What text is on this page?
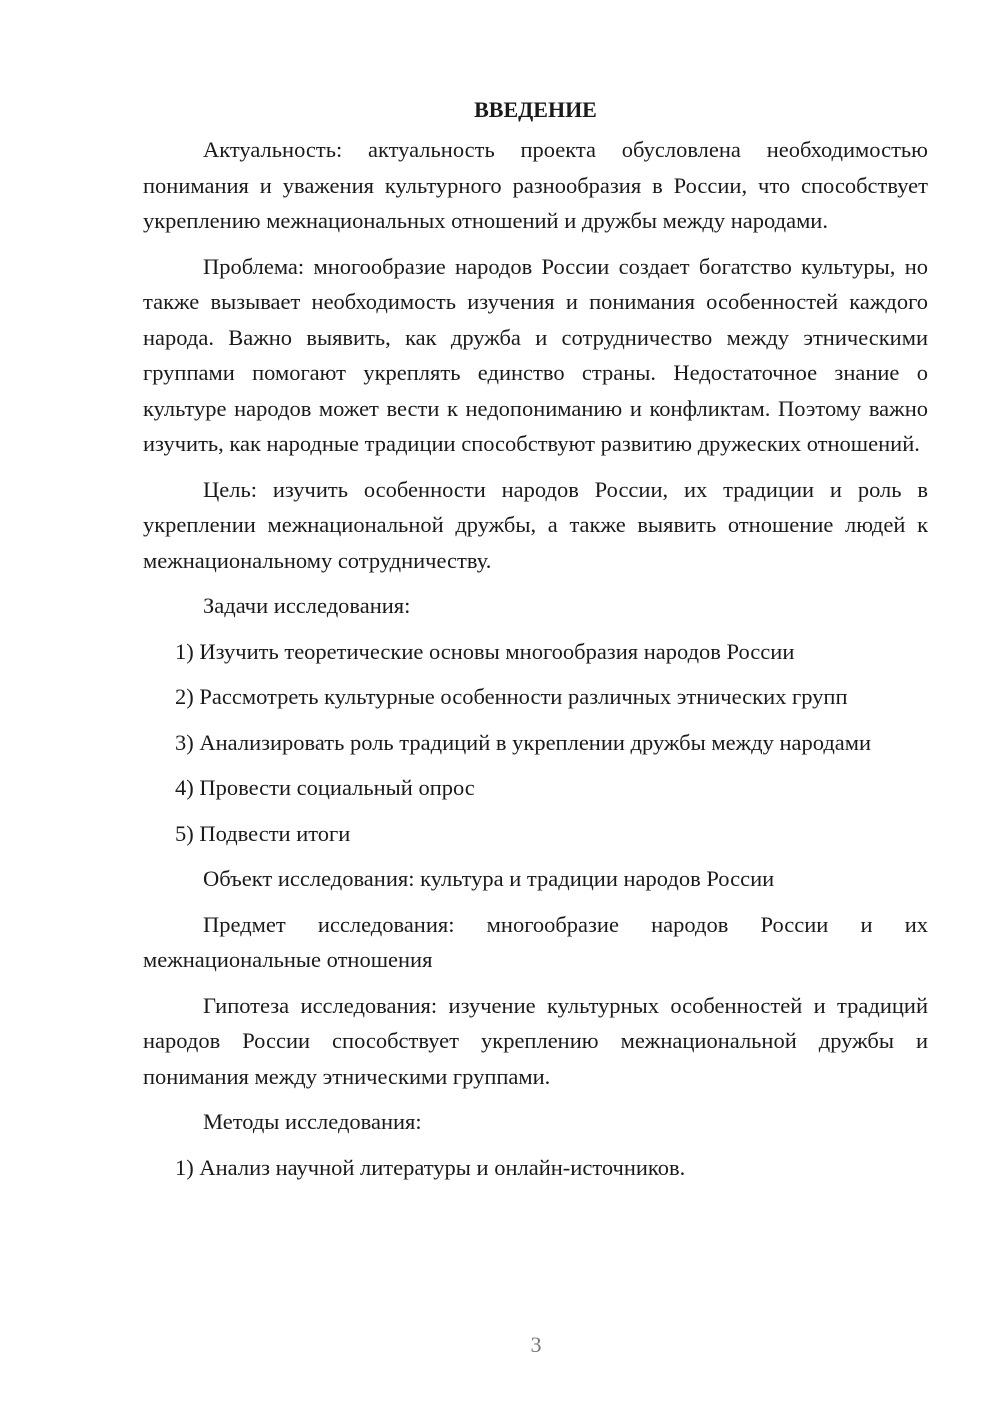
ВВЕДЕНИЕ

Актуальность: актуальность проекта обусловлена необходимостью понимания и уважения культурного разнообразия в России, что способствует укреплению межнациональных отношений и дружбы между народами.

Проблема: многообразие народов России создает богатство культуры, но также вызывает необходимость изучения и понимания особенностей каждого народа. Важно выявить, как дружба и сотрудничество между этническими группами помогают укреплять единство страны. Недостаточное знание о культуре народов может вести к недопониманию и конфликтам. Поэтому важно изучить, как народные традиции способствуют развитию дружеских отношений.

Цель: изучить особенности народов России, их традиции и роль в укреплении межнациональной дружбы, а также выявить отношение людей к межнациональному сотрудничеству.

Задачи исследования:

1) Изучить теоретические основы многообразия народов России

2) Рассмотреть культурные особенности различных этнических групп

3) Анализировать роль традиций в укреплении дружбы между народами

4) Провести социальный опрос

5) Подвести итоги

Объект исследования: культура и традиции народов России

Предмет исследования: многообразие народов России и их межнациональные отношения

Гипотеза исследования: изучение культурных особенностей и традиций народов России способствует укреплению межнациональной дружбы и понимания между этническими группами.

Методы исследования:

1) Анализ научной литературы и онлайн-источников.

3
